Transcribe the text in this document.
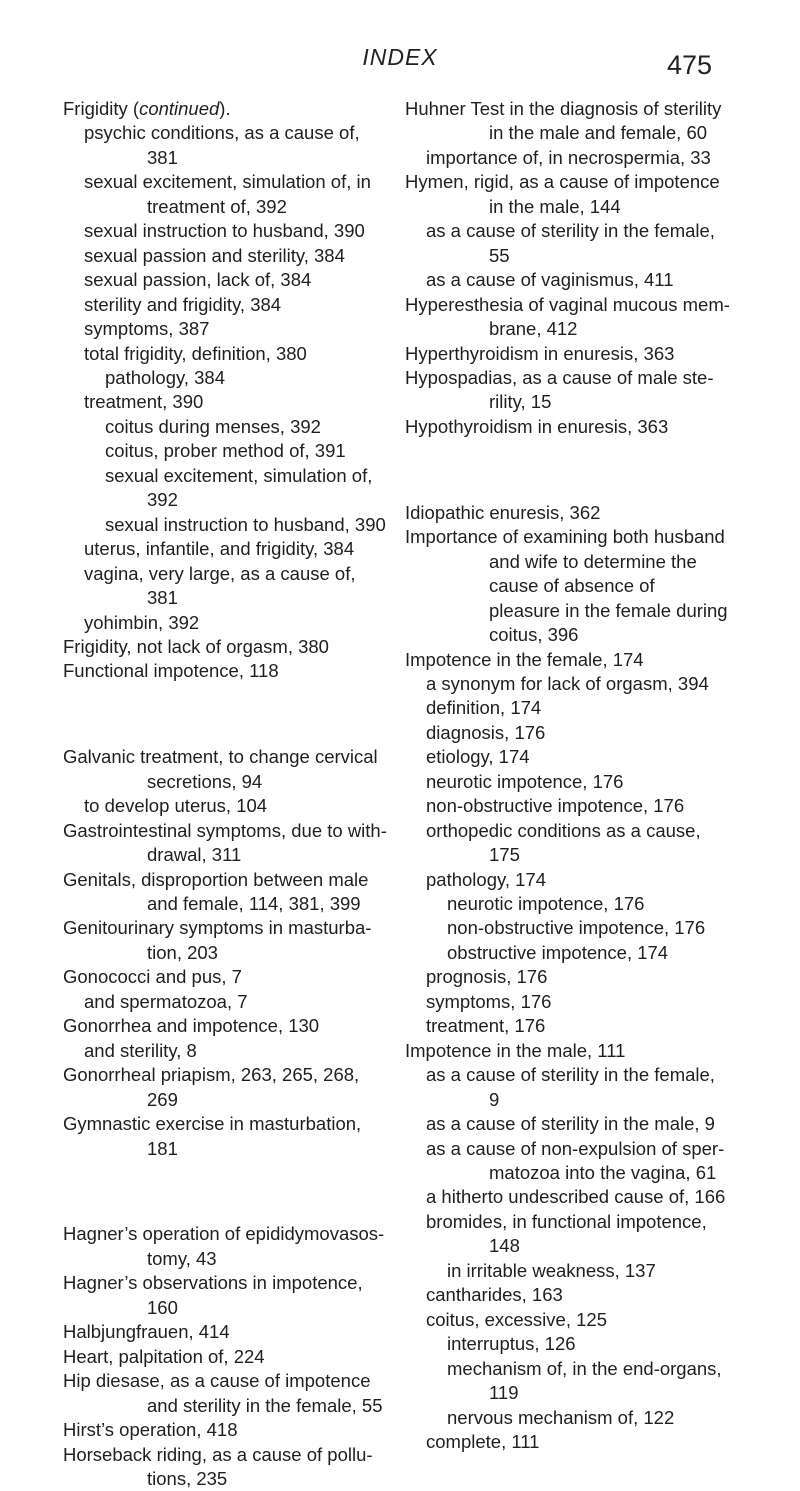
INDEX	475

Frigidity (continued).

psychic conditions, as a cause of, 381

sexual excitement, simulation of, in treatment of, 392

sexual instruction to husband, 390

sexual passion and sterility, 384

sexual passion, lack of, 384

sterility and frigidity, 384

symptoms, 387

total frigidity, definition, 380

pathology, 384

treatment, 390

coitus during menses, 392

coitus, prober method of, 391

sexual excitement, simulation of, 392

sexual instruction to husband, 390

uterus, infantile, and frigidity, 384

vagina, very large, as a cause of, 381

yohimbin, 392

Frigidity, not lack of orgasm, 380

Functional impotence, 118

Galvanic treatment, to change cervical secretions, 94

to develop uterus, 104

Gastrointestinal symptoms, due to withdrawal, 311

Genitals, disproportion between male and female, 114, 381, 399

Genitourinary symptoms in masturbation, 203

Gonococci and pus, 7

and spermatozoa, 7

Gonorrhea and impotence, 130

and sterility, 8

Gonorrheal priapism, 263, 265, 268, 269

Gymnastic exercise in masturbation, 181

Hagner’s operation of epididymovasostomy, 43

Hagner’s observations in impotence, 160

Halbjungfrauen, 414

Heart, palpitation of, 224

Hip diesase, as a cause of impotence and sterility in the female, 55

Hirst’s operation, 418

Horseback riding, as a cause of pollutions, 235

Huhner Test in the diagnosis of sterility in the male and female, 60

importance of, in necrospermia, 33

Hymen, rigid, as a cause of impotence in the male, 144

as a cause of sterility in the female, 55

as a cause of vaginismus, 411

Hyperesthesia of vaginal mucous membrane, 412

Hyperthyroidism in enuresis, 363

Hypospadias, as a cause of male sterility, 15

Hypothyroidism in enuresis, 363

Idiopathic enuresis, 362

Importance of examining both husband and wife to determine the cause of absence of pleasure in the female during coitus, 396

Impotence in the female, 174

a synonym for lack of orgasm, 394

definition, 174

diagnosis, 176

etiology, 174

neurotic impotence, 176

non-obstructive impotence, 176

orthopedic conditions as a cause, 175

pathology, 174

neurotic impotence, 176

non-obstructive impotence, 176

obstructive impotence, 174

prognosis, 176

symptoms, 176

treatment, 176

Impotence in the male, 111

as a cause of sterility in the female, 9

as a cause of sterility in the male, 9

as a cause of non-expulsion of spermatozoa into the vagina, 61

a hitherto undescribed cause of, 166

bromides, in functional impotence, 148

in irritable weakness, 137

cantharides, 163

coitus, excessive, 125

interruptus, 126

mechanism of, in the end-organs, 119

nervous mechanism of, 122

complete, 111
